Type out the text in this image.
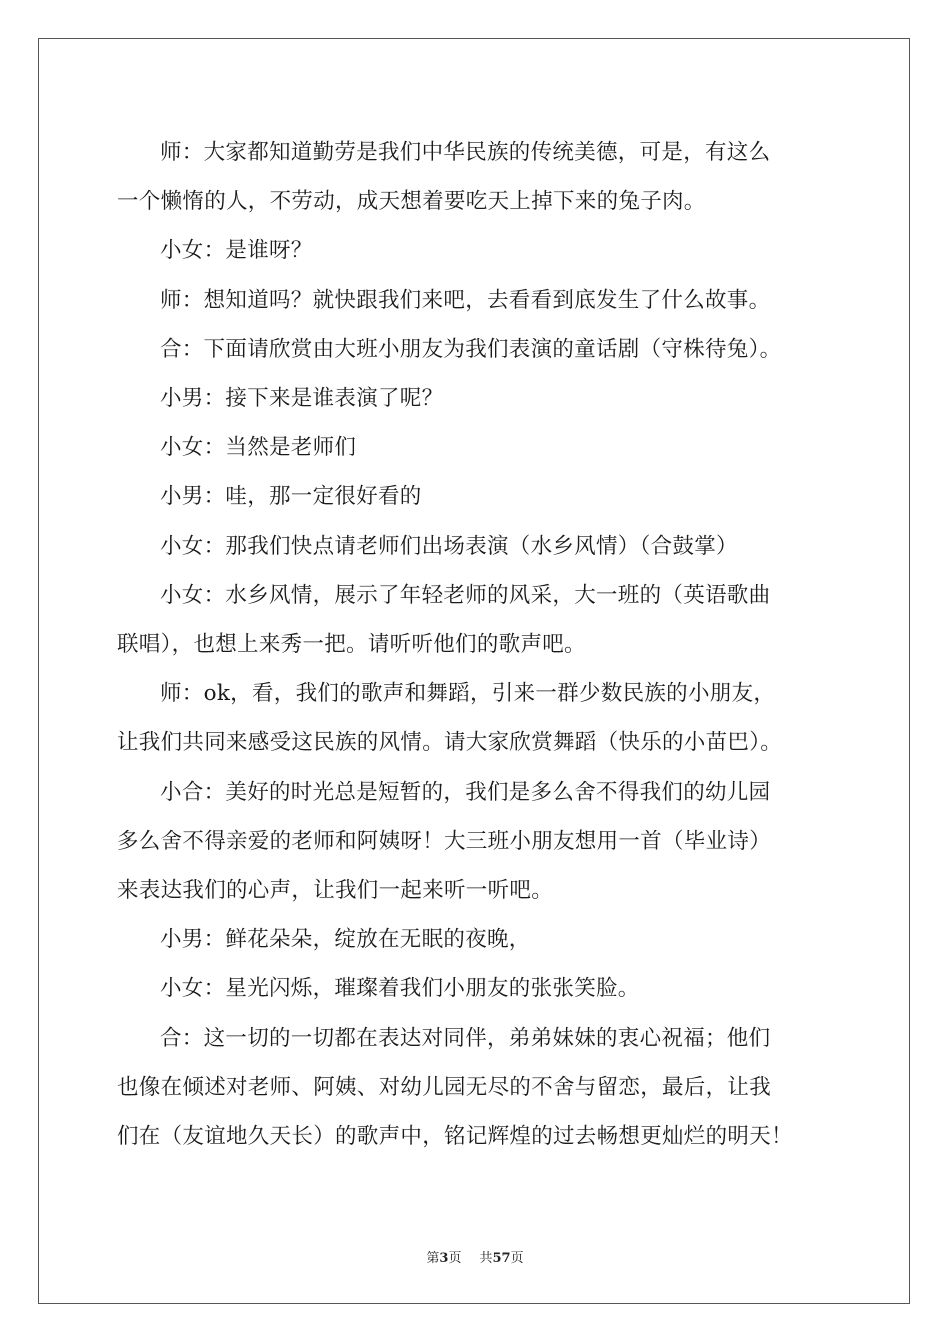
师：大家都知道勤劳是我们中华民族的传统美德，可是，有这么
一个懒惰的人，不劳动，成天想着要吃天上掉下来的兔子肉。

小女：是谁呀？

师：想知道吗？就快跟我们来吧，去看看到底发生了什么故事。

合：下面请欣赏由大班小朋友为我们表演的童话剧（守株待兔）。

小男：接下来是谁表演了呢？

小女：当然是老师们

小男：哇，那一定很好看的

小女：那我们快点请老师们出场表演（水乡风情）（合鼓掌）

小女：水乡风情，展示了年轻老师的风采，大一班的（英语歌曲
联唱），也想上来秀一把。请听听他们的歌声吧。

师：ok，看，我们的歌声和舞蹈，引来一群少数民族的小朋友，
让我们共同来感受这民族的风情。请大家欣赏舞蹈（快乐的小苗巴）。

小合：美好的时光总是短暂的，我们是多么舍不得我们的幼儿园
多么舍不得亲爱的老师和阿姨呀！大三班小朋友想用一首（毕业诗）
来表达我们的心声，让我们一起来听一听吧。

小男：鲜花朵朵，绽放在无眠的夜晚，

小女：星光闪烁，璀璨着我们小朋友的张张笑脸。

合：这一切的一切都在表达对同伴，弟弟妹妹的衷心祝福；他们
也像在倾述对老师、阿姨、对幼儿园无尽的不舍与留恋，最后，让我
们在（友谊地久天长）的歌声中，铭记辉煌的过去畅想更灿烂的明天！

第3页 共57页
